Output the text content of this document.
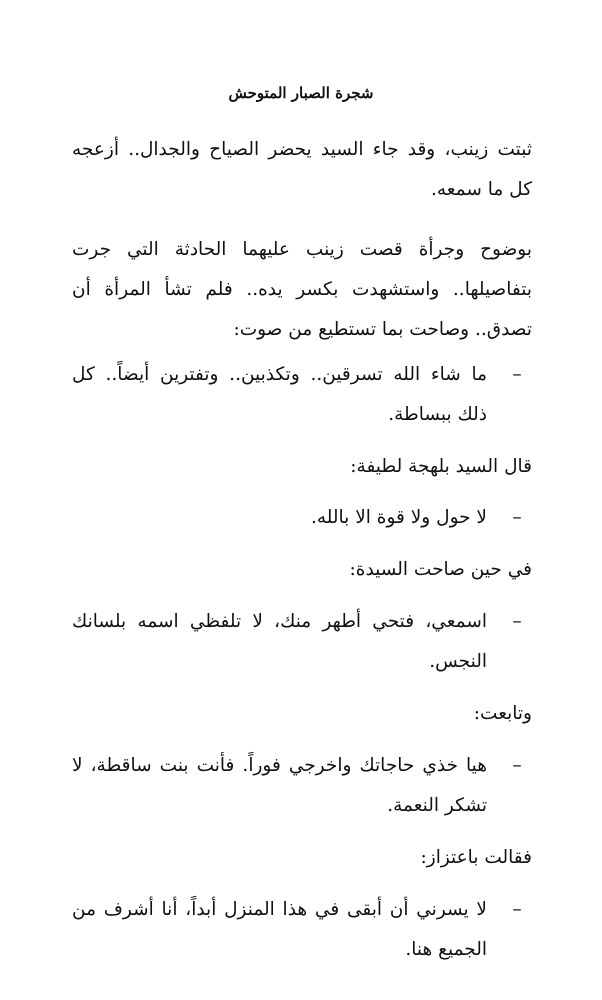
شجرة الصبار المتوحش

ثبتت زينب، وقد جاء السيد يحضر الصياح والجدال.. أزعجه كل ما سمعه.

بوضوح وجرأة قصت زينب عليهما الحادثة التي جرت بتفاصيلها.. واستشهدت بكسر يده.. فلم تشأ المرأة أن تصدق.. وصاحت بما تستطيع من صوت:

–

ما شاء الله تسرقين.. وتكذبين.. وتفترين أيضاً.. كل ذلك ببساطة.

قال السيد بلهجة لطيفة:

–

لا حول ولا قوة الا بالله.

في حين صاحت السيدة:

–

اسمعي، فتحي أطهر منك، لا تلفظي اسمه بلسانك النجس.

وتابعت:

–

هيا خذي حاجاتك واخرجي فوراً. فأنت بنت ساقطة، لا تشكر النعمة.

فقالت باعتزاز:

–

لا يسرني أن أبقى في هذا المنزل أبداً، أنا أشرف من الجميع هنا.
